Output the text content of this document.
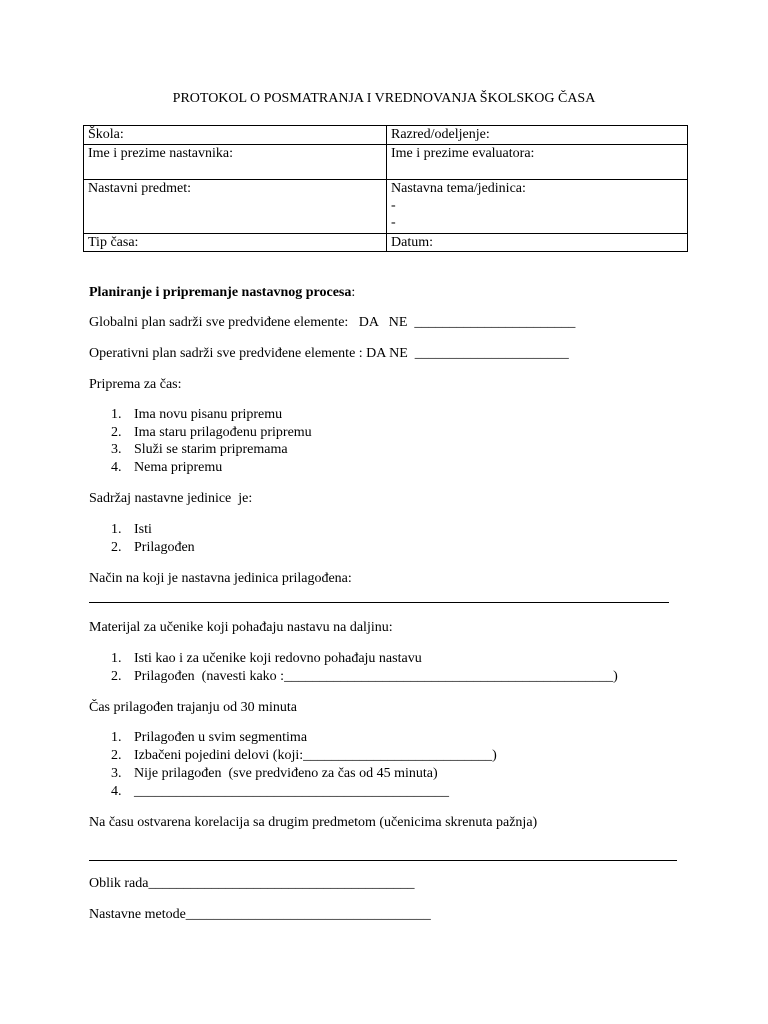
PROTOKOL O POSMATRANJA I VREDNOVANJA ŠKOLSKOG ČASA
Škola:	Razred/odeljenje:
Ime i prezime nastavnika:	Ime i prezime evaluatora:
Nastavni predmet:	Nastavna tema/jedinica:
-
-

Tip časa:	Datum:
Planiranje i pripremanje nastavnog procesa:
Globalni plan sadrži sve predviđene elemente:   DA   NE  _______________________
Operativni plan sadrži sve predviđene elemente : DA NE  ______________________
Priprema za čas:
1. Ima novu pisanu pripremu
2. Ima staru prilagođenu pripremu
3. Služi se starim pripremama
4. Nema pripremu
Sadržaj nastavne jedinice  je:
1. Isti
2. Prilagođen
Način na koji je nastavna jedinica prilagođena:
Materijal za učenike koji pohađaju nastavu na daljinu:
1. Isti kao i za učenike koji redovno pohađaju nastavu
2. Prilagođen  (navesti kako :_______________________________________________)
Čas prilagođen trajanju od 30 minuta
1. Prilagođen u svim segmentima
2. Izbačeni pojedini delovi (koji:___________________________)
3. Nije prilagođen  (sve predviđeno za čas od 45 minuta)
4. _____________________________________________
Na času ostvarena korelacija sa drugim predmetom (učenicima skrenuta pažnja)
Oblik rada______________________________________
Nastavne metode___________________________________
